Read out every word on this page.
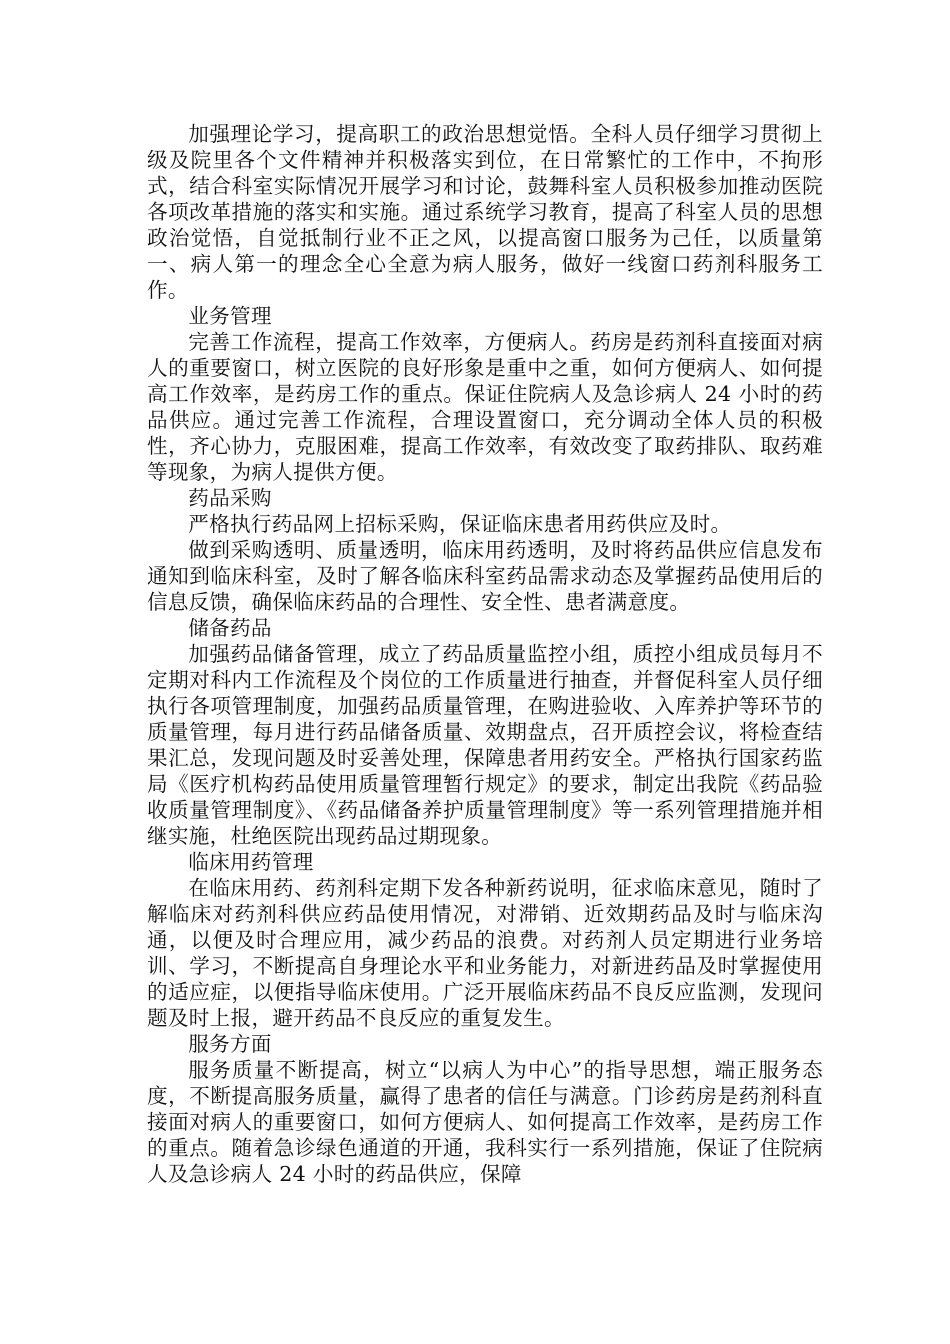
加强理论学习，提高职工的政治思想觉悟。全科人员仔细学习贯彻上级及院里各个文件精神并积极落实到位，在日常繁忙的工作中，不拘形式，结合科室实际情况开展学习和讨论，鼓舞科室人员积极参加推动医院各项改革措施的落实和实施。通过系统学习教育，提高了科室人员的思想政治觉悟，自觉抵制行业不正之风，以提高窗口服务为己任，以质量第一、病人第一的理念全心全意为病人服务，做好一线窗口药剂科服务工作。

业务管理

完善工作流程，提高工作效率，方便病人。药房是药剂科直接面对病人的重要窗口，树立医院的良好形象是重中之重，如何方便病人、如何提高工作效率，是药房工作的重点。保证住院病人及急诊病人 24 小时的药品供应。通过完善工作流程，合理设置窗口，充分调动全体人员的积极性，齐心协力，克服困难，提高工作效率，有效改变了取药排队、取药难等现象，为病人提供方便。

药品采购

严格执行药品网上招标采购，保证临床患者用药供应及时。

做到采购透明、质量透明，临床用药透明，及时将药品供应信息发布通知到临床科室，及时了解各临床科室药品需求动态及掌握药品使用后的信息反馈，确保临床药品的合理性、安全性、患者满意度。

储备药品

加强药品储备管理，成立了药品质量监控小组，质控小组成员每月不定期对科内工作流程及个岗位的工作质量进行抽查，并督促科室人员仔细执行各项管理制度，加强药品质量管理，在购进验收、入库养护等环节的质量管理，每月进行药品储备质量、效期盘点，召开质控会议，将检查结果汇总，发现问题及时妥善处理，保障患者用药安全。严格执行国家药监局《医疗机构药品使用质量管理暂行规定》的要求，制定出我院《药品验收质量管理制度》、《药品储备养护质量管理制度》等一系列管理措施并相继实施，杜绝医院出现药品过期现象。

临床用药管理

在临床用药、药剂科定期下发各种新药说明，征求临床意见，随时了解临床对药剂科供应药品使用情况，对滞销、近效期药品及时与临床沟通，以便及时合理应用，减少药品的浪费。对药剂人员定期进行业务培训、学习，不断提高自身理论水平和业务能力，对新进药品及时掌握使用的适应症，以便指导临床使用。广泛开展临床药品不良反应监测，发现问题及时上报，避开药品不良反应的重复发生。

服务方面

服务质量不断提高，树立“以病人为中心”的指导思想，端正服务态度，不断提高服务质量，赢得了患者的信任与满意。门诊药房是药剂科直接面对病人的重要窗口，如何方便病人、如何提高工作效率，是药房工作的重点。随着急诊绿色通道的开通，我科实行一系列措施，保证了住院病人及急诊病人 24 小时的药品供应，保障
